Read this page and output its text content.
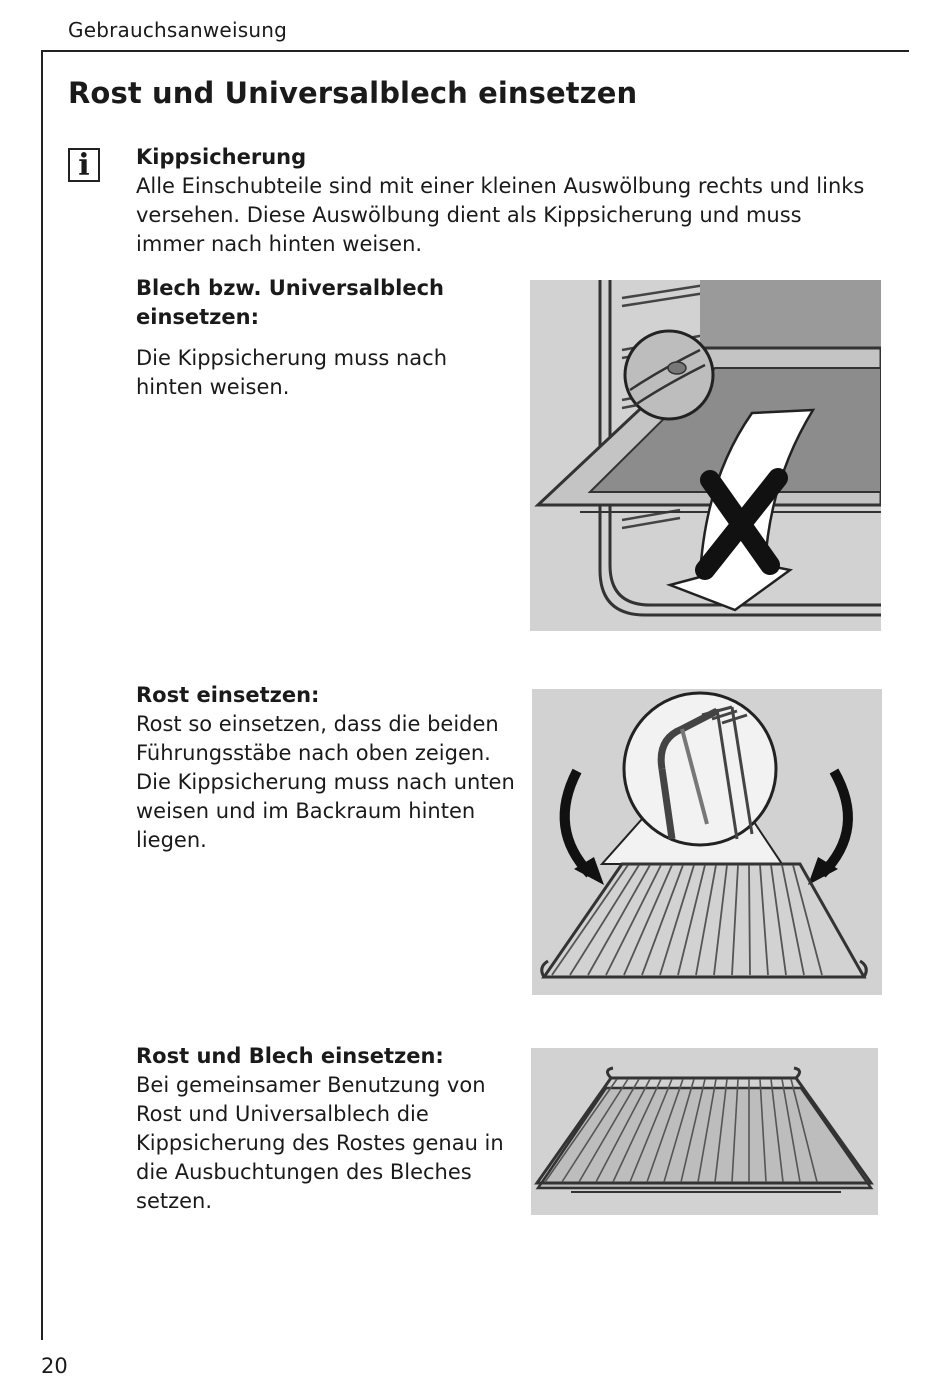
Gebrauchsanweisung
Rost und Universalblech einsetzen
i	Kippsicherung

Alle Einschubteile sind mit einer kleinen Auswölbung rechts und links versehen. Diese Auswölbung dient als Kippsicherung und muss immer nach hinten weisen.

Blech bzw. Universalblech

einsetzen:

Die Kippsicherung muss nach hinten weisen.

Rost einsetzen:

Rost so einsetzen, dass die beiden Führungsstäbe nach oben zeigen. Die Kippsicherung muss nach unten weisen und im Backraum hinten liegen.

Rost und Blech einsetzen:

Bei gemeinsamer Benutzung von Rost und Universalblech die Kippsicherung des Rostes genau in die Ausbuchtungen des Bleches setzen.

20
